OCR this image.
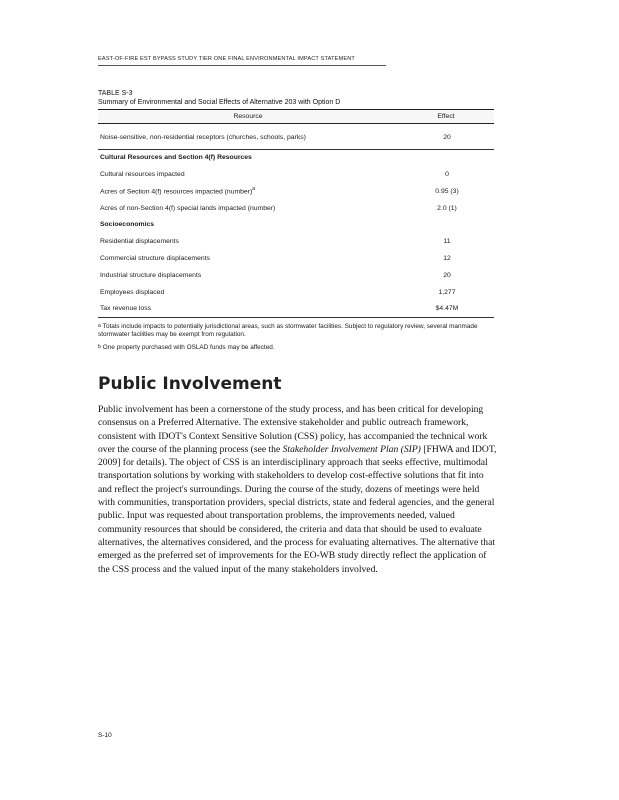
EAST-OF-FIRE EST BYPASS STUDY TIER ONE FINAL ENVIRONMENTAL IMPACT STATEMENT
TABLE S-3
Summary of Environmental and Social Effects of Alternative 203 with Option D
Resource	Effect
Noise-sensitive, non-residential receptors (churches, schools, parks)	20
Cultural Resources and Section 4(f) Resources	
Cultural resources impacted	0
Acres of Section 4(f) resources impacted (number)$^a$	0.95 (3)
Acres of non-Section 4(f) special lands impacted (number)	2.0 (1)
Socioeconomics	
Residential displacements	11
Commercial structure displacements	12
Industrial structure displacements	20
Employees displaced	1,277
Tax revenue loss	$4.47M
$^a$ Totals include impacts to potentially jurisdictional areas, such as stormwater facilities. Subject to regulatory review, several manmade stormwater facilities may be exempt from regulation.
$^b$ One property purchased with OSLAD funds may be affected.
Public Involvement

Public involvement has been a cornerstone of the study process, and has been critical for developing consensus on a Preferred Alternative. The extensive stakeholder and public outreach framework, consistent with IDOT's Context Sensitive Solution (CSS) policy, has accompanied the technical work over the course of the planning process (see the Stakeholder Involvement Plan (SIP) [FHWA and IDOT, 2009] for details). The object of CSS is an interdisciplinary approach that seeks effective, multimodal transportation solutions by working with stakeholders to develop cost-effective solutions that fit into and reflect the project's surroundings. During the course of the study, dozens of meetings were held with communities, transportation providers, special districts, state and federal agencies, and the general public. Input was requested about transportation problems, the improvements needed, valued community resources that should be considered, the criteria and data that should be used to evaluate alternatives, the alternatives considered, and the process for evaluating alternatives. The alternative that emerged as the preferred set of improvements for the EO-WB study directly reflect the application of the CSS process and the valued input of the many stakeholders involved.

S-10
